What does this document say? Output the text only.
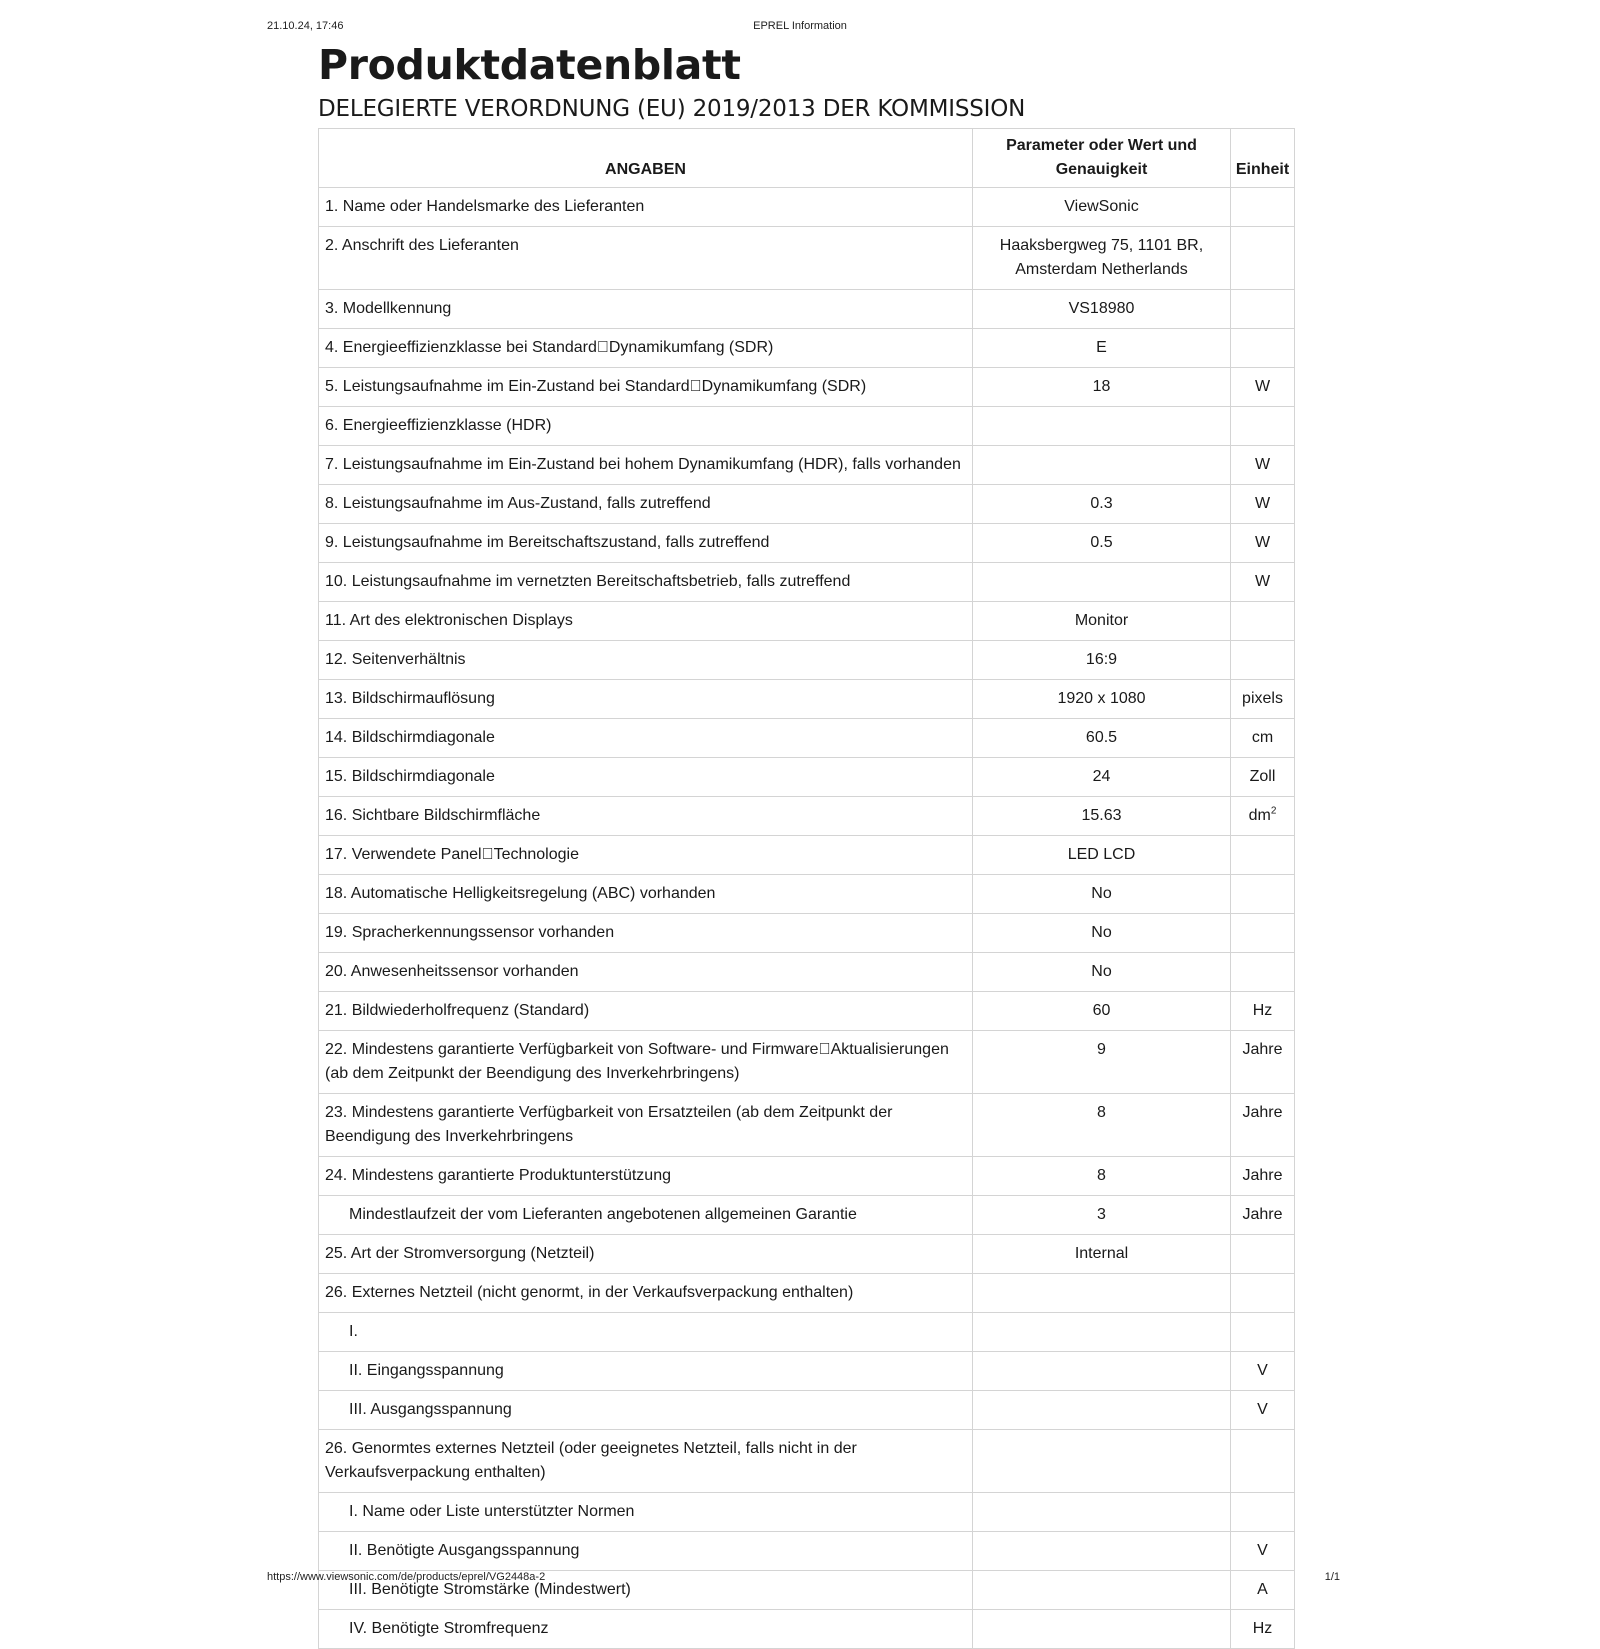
21.10.24, 17:46	EPREL Information
Produktdatenblatt
DELEGIERTE VERORDNUNG (EU) 2019/2013 DER KOMMISSION
ANGABEN	Parameter oder Wert und Genauigkeit	Einheit
1. Name oder Handelsmarke des Lieferanten	ViewSonic	
2. Anschrift des Lieferanten	Haaksbergweg 75, 1101 BR, Amsterdam Netherlands	
3. Modellkennung	VS18980	
4. Energieeffizienzklasse bei Standard Dynamikumfang (SDR)	E	
5. Leistungsaufnahme im Ein-Zustand bei Standard Dynamikumfang (SDR)	18	W
6. Energieeffizienzklasse (HDR)		
7. Leistungsaufnahme im Ein-Zustand bei hohem Dynamikumfang (HDR), falls vorhanden		W
8. Leistungsaufnahme im Aus-Zustand, falls zutreffend	0.3	W
9. Leistungsaufnahme im Bereitschaftszustand, falls zutreffend	0.5	W
10. Leistungsaufnahme im vernetzten Bereitschaftsbetrieb, falls zutreffend		W
11. Art des elektronischen Displays	Monitor	
12. Seitenverhältnis	16:9	
13. Bildschirmauflösung	1920 x 1080	pixels
14. Bildschirmdiagonale	60.5	cm
15. Bildschirmdiagonale	24	Zoll
16. Sichtbare Bildschirmfläche	15.63	$dm^2$
17. Verwendete Panel Technologie	LED LCD	
18. Automatische Helligkeitsregelung (ABC) vorhanden	No	
19. Spracherkennungssensor vorhanden	No	
20. Anwesenheitssensor vorhanden	No	
21. Bildwiederholfrequenz (Standard)	60	Hz
22. Mindestens garantierte Verfügbarkeit von Software- und Firmware Aktualisierungen (ab dem Zeitpunkt der Beendigung des Inverkehrbringens)	9	Jahre
23. Mindestens garantierte Verfügbarkeit von Ersatzteilen (ab dem Zeitpunkt der Beendigung des Inverkehrbringens	8	Jahre
24. Mindestens garantierte Produktunterstützung	8	Jahre
Mindestlaufzeit der vom Lieferanten angebotenen allgemeinen Garantie	3	Jahre
25. Art der Stromversorgung (Netzteil)	Internal	
26. Externes Netzteil (nicht genormt, in der Verkaufsverpackung enthalten)		
I.		
II. Eingangsspannung		V
III. Ausgangsspannung		V
26. Genormtes externes Netzteil (oder geeignetes Netzteil, falls nicht in der Verkaufsverpackung enthalten)		
I. Name oder Liste unterstützter Normen		
II. Benötigte Ausgangsspannung		V
III. Benötigte Stromstärke (Mindestwert)		A
IV. Benötigte Stromfrequenz		Hz
https://www.viewsonic.com/de/products/eprel/VG2448a-2	1/1
